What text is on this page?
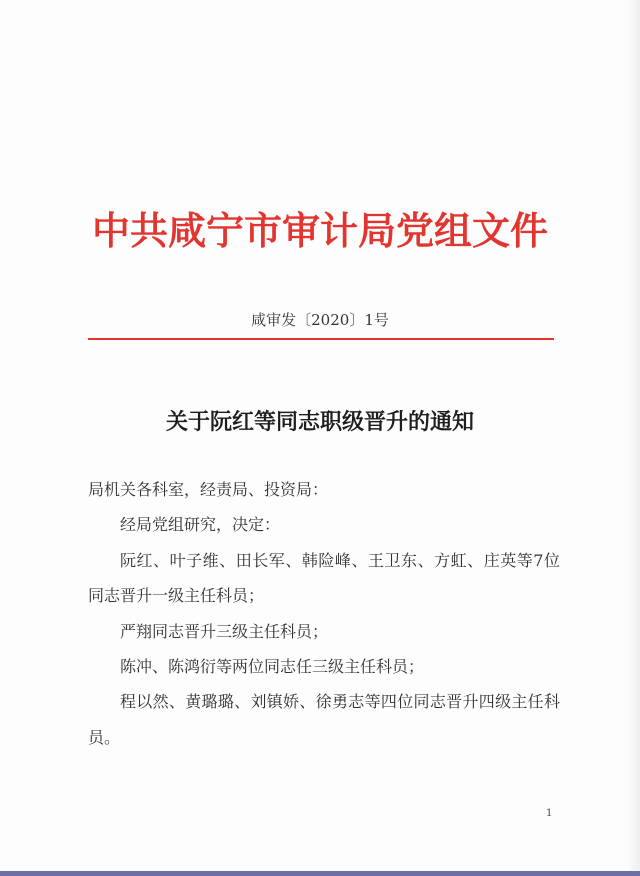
中共咸宁市审计局党组文件
咸审发〔2020〕1号
关于阮红等同志职级晋升的通知

局机关各科室，经责局、投资局：

经局党组研究，决定：

阮红、叶子维、田长军、韩险峰、王卫东、方虹、庄英等7位同志晋升一级主任科员；

严翔同志晋升三级主任科员；

陈冲、陈鸿衍等两位同志任三级主任科员；

程以然、黄璐璐、刘镇娇、徐勇志等四位同志晋升四级主任科员。

1
